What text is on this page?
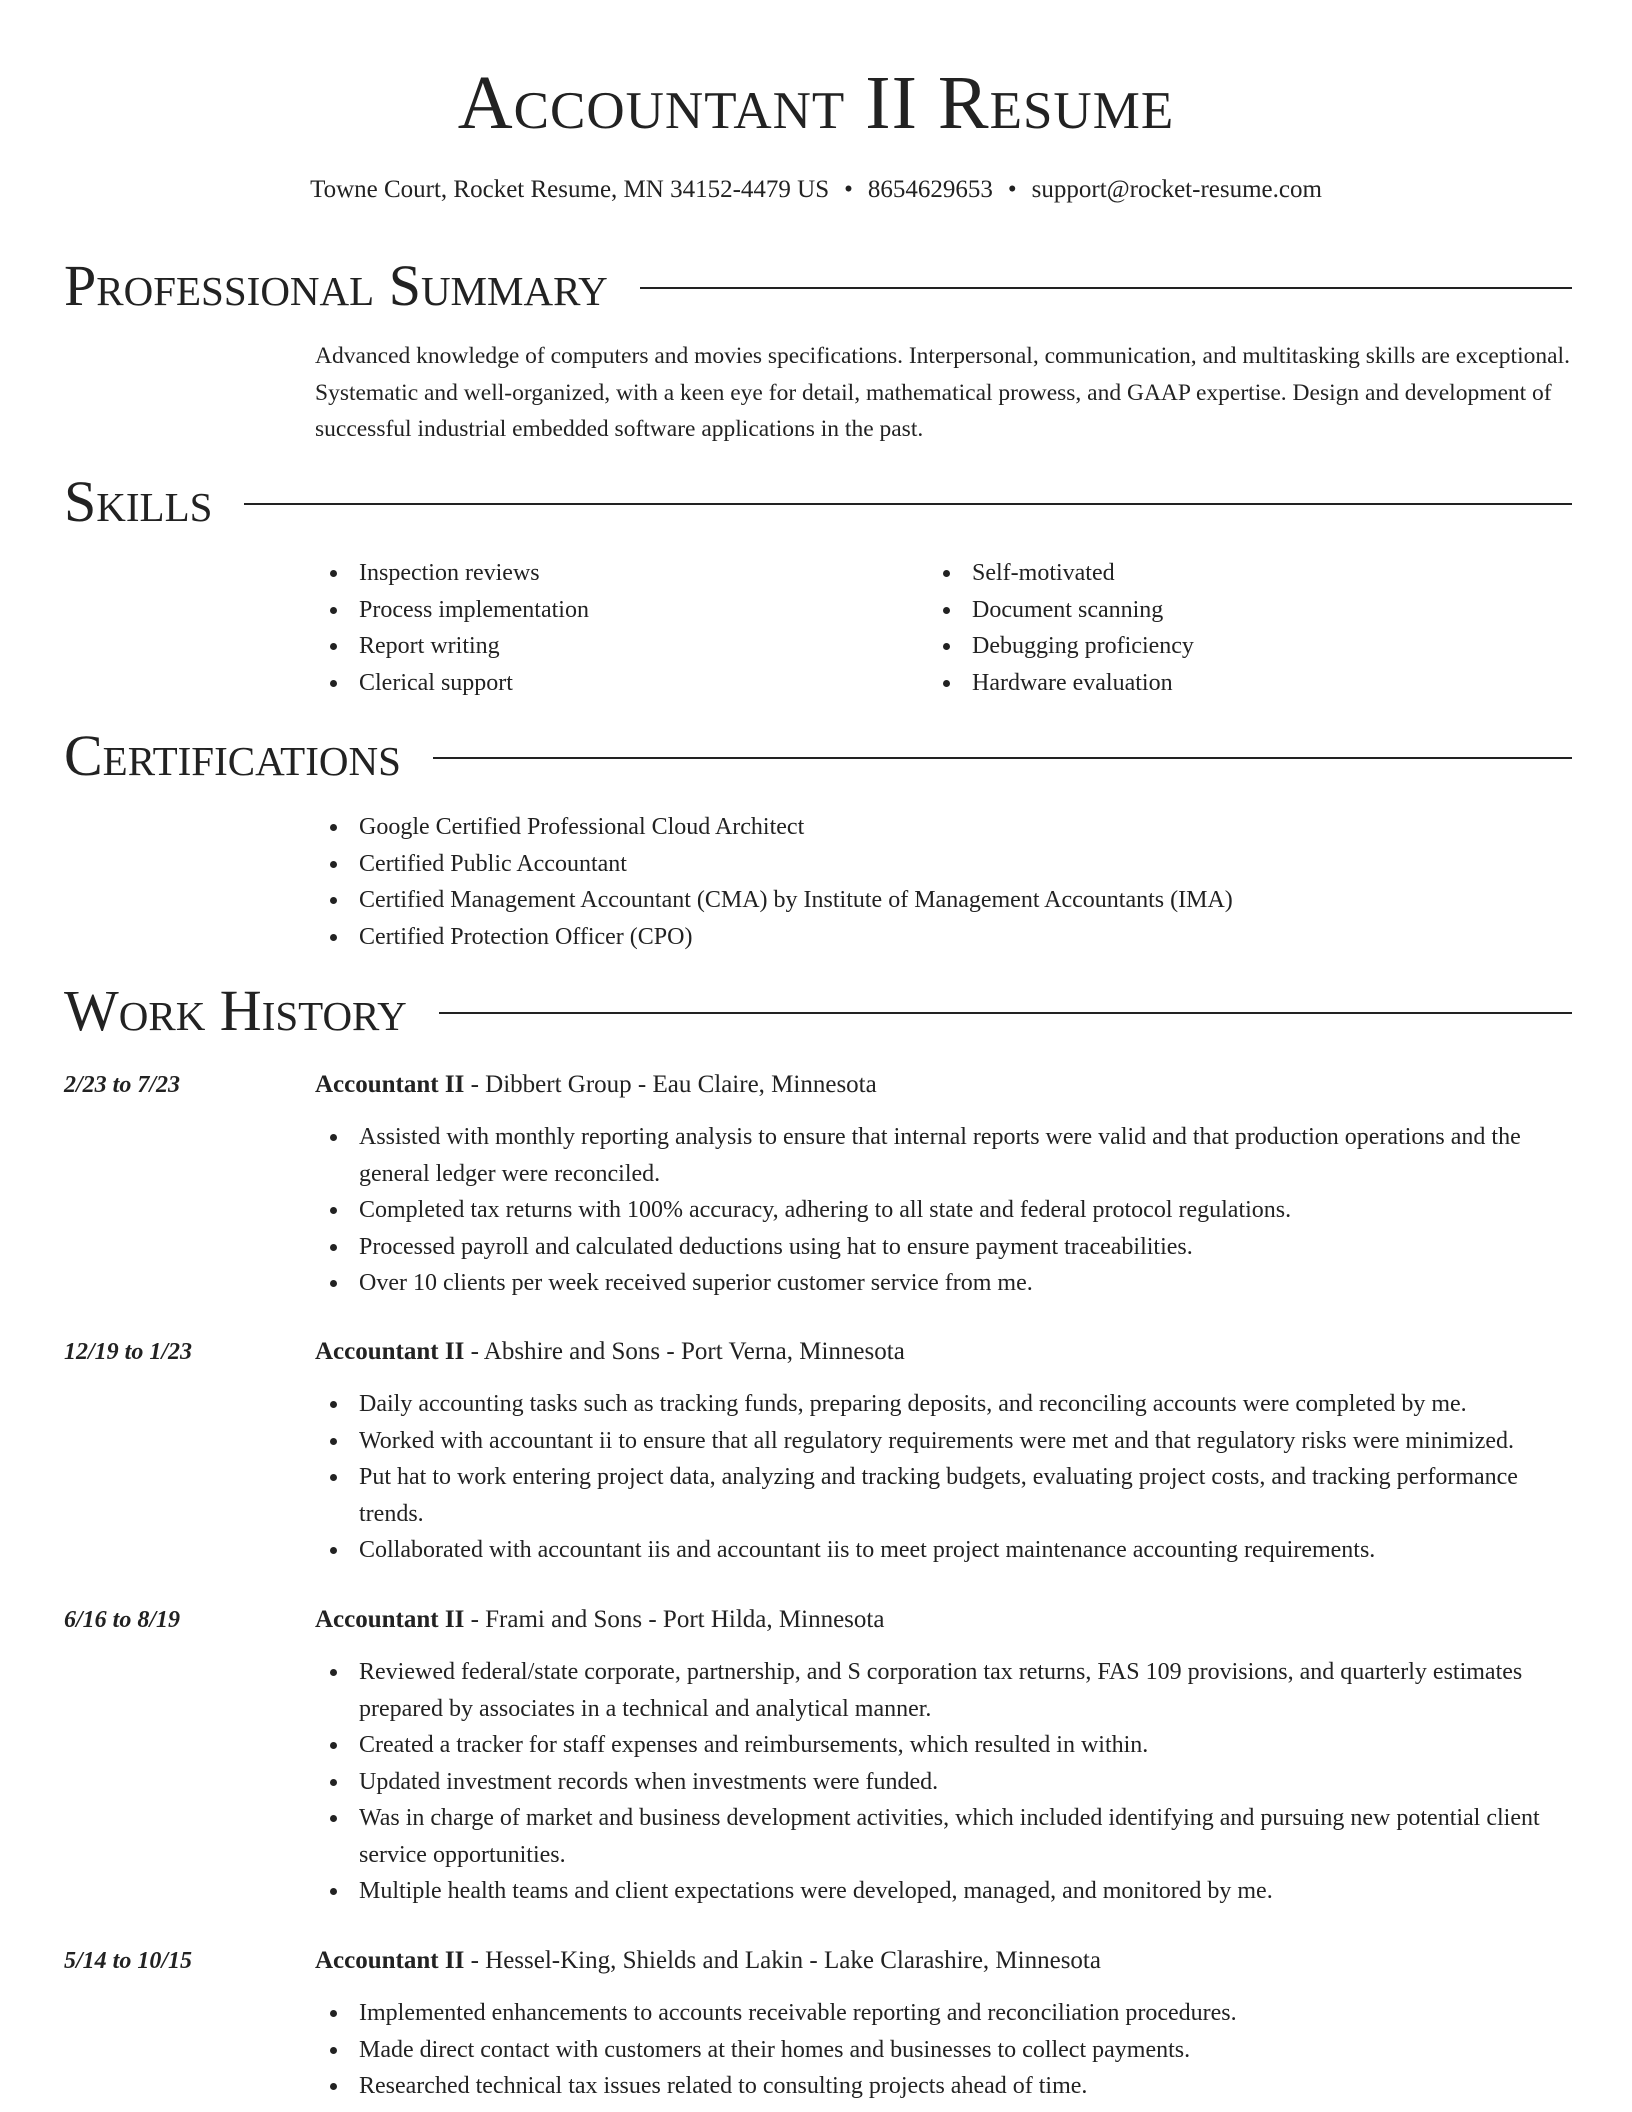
Accountant II Resume
Towne Court, Rocket Resume, MN 34152-4479 US • 8654629653 • support@rocket-resume.com
Professional Summary
Advanced knowledge of computers and movies specifications. Interpersonal, communication, and multitasking skills are exceptional. Systematic and well-organized, with a keen eye for detail, mathematical prowess, and GAAP expertise. Design and development of successful industrial embedded software applications in the past.
Skills
Inspection reviews
Process implementation
Report writing
Clerical support
Self-motivated
Document scanning
Debugging proficiency
Hardware evaluation
Certifications
Google Certified Professional Cloud Architect
Certified Public Accountant
Certified Management Accountant (CMA) by Institute of Management Accountants (IMA)
Certified Protection Officer (CPO)
Work History
2/23 to 7/23	Accountant II - Dibbert Group - Eau Claire, Minnesota
Assisted with monthly reporting analysis to ensure that internal reports were valid and that production operations and the general ledger were reconciled.
Completed tax returns with 100% accuracy, adhering to all state and federal protocol regulations.
Processed payroll and calculated deductions using hat to ensure payment traceabilities.
Over 10 clients per week received superior customer service from me.
12/19 to 1/23	Accountant II - Abshire and Sons - Port Verna, Minnesota
Daily accounting tasks such as tracking funds, preparing deposits, and reconciling accounts were completed by me.
Worked with accountant ii to ensure that all regulatory requirements were met and that regulatory risks were minimized.
Put hat to work entering project data, analyzing and tracking budgets, evaluating project costs, and tracking performance trends.
Collaborated with accountant iis and accountant iis to meet project maintenance accounting requirements.
6/16 to 8/19	Accountant II - Frami and Sons - Port Hilda, Minnesota
Reviewed federal/state corporate, partnership, and S corporation tax returns, FAS 109 provisions, and quarterly estimates prepared by associates in a technical and analytical manner.
Created a tracker for staff expenses and reimbursements, which resulted in within.
Updated investment records when investments were funded.
Was in charge of market and business development activities, which included identifying and pursuing new potential client service opportunities.
Multiple health teams and client expectations were developed, managed, and monitored by me.
5/14 to 10/15	Accountant II - Hessel-King, Shields and Lakin - Lake Clarashire, Minnesota
Implemented enhancements to accounts receivable reporting and reconciliation procedures.
Made direct contact with customers at their homes and businesses to collect payments.
Researched technical tax issues related to consulting projects ahead of time.
